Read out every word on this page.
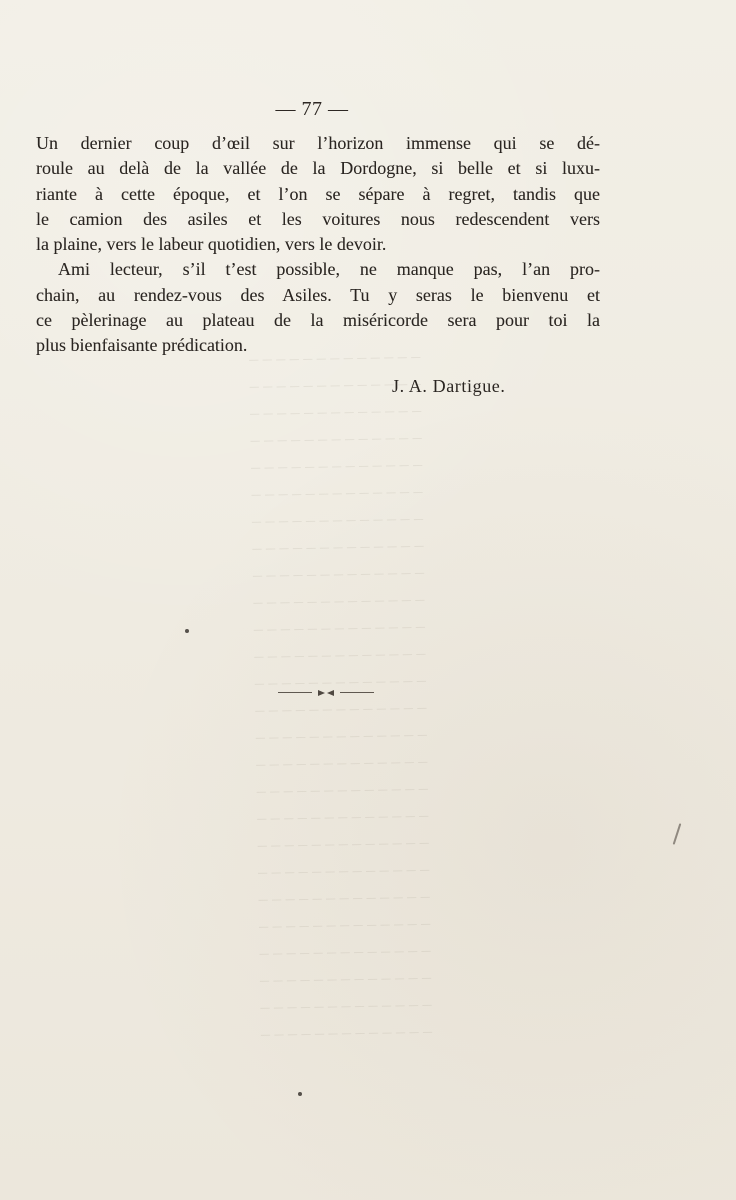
_ _ _ _ _ _ _ _ _ _ _ _ _
_ _ _ _ _ _ _ _ _ _ _ _ _
_ _ _ _ _ _ _ _ _ _ _ _ _
_ _ _ _ _ _ _ _ _ _ _ _ _
_ _ _ _ _ _ _ _ _ _ _ _ _
_ _ _ _ _ _ _ _ _ _ _ _ _
_ _ _ _ _ _ _ _ _ _ _ _ _
_ _ _ _ _ _ _ _ _ _ _ _ _
_ _ _ _ _ _ _ _ _ _ _ _ _
_ _ _ _ _ _ _ _ _ _ _ _ _
_ _ _ _ _ _ _ _ _ _ _ _ _
_ _ _ _ _ _ _ _ _ _ _ _ _
_ _ _ _ _ _ _ _ _ _ _ _ _
_ _ _ _ _ _ _ _ _ _ _ _ _
_ _ _ _ _ _ _ _ _ _ _ _ _
_ _ _ _ _ _ _ _ _ _ _ _ _
_ _ _ _ _ _ _ _ _ _ _ _ _
_ _ _ _ _ _ _ _ _ _ _ _ _
_ _ _ _ _ _ _ _ _ _ _ _ _
_ _ _ _ _ _ _ _ _ _ _ _ _
_ _ _ _ _ _ _ _ _ _ _ _ _
_ _ _ _ _ _ _ _ _ _ _ _ _
_ _ _ _ _ _ _ _ _ _ _ _ _
_ _ _ _ _ _ _ _ _ _ _ _ _
_ _ _ _ _ _ _ _ _ _ _ _ _
_ _ _ _ _ _ _ _ _ _ _ _ _
— 77 —
Un dernier coup d’œil sur l’horizon immense qui se dé-
roule au delà de la vallée de la Dordogne, si belle et si luxu-
riante à cette époque, et l’on se sépare à regret, tandis que
le camion des asiles et les voitures nous redescendent vers
la plaine, vers le labeur quotidien, vers le devoir.
Ami lecteur, s’il t’est possible, ne manque pas, l’an pro-
chain, au rendez-vous des Asiles. Tu y seras le bienvenu et
ce pèlerinage au plateau de la miséricorde sera pour toi la
plus bienfaisante prédication.
J. A. Dartigue.
